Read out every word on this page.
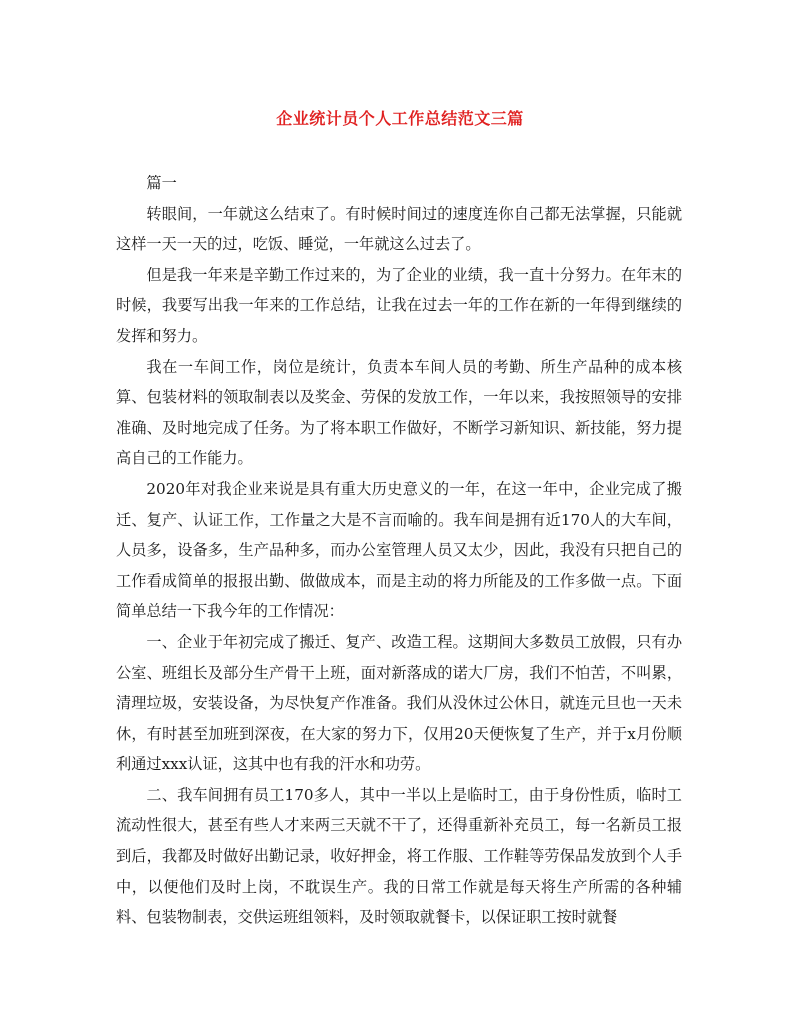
企业统计员个人工作总结范文三篇

篇一

转眼间，一年就这么结束了。有时候时间过的速度连你自己都无法掌握，只能就这样一天一天的过，吃饭、睡觉，一年就这么过去了。

但是我一年来是辛勤工作过来的，为了企业的业绩，我一直十分努力。在年末的时候，我要写出我一年来的工作总结，让我在过去一年的工作在新的一年得到继续的发挥和努力。

我在一车间工作，岗位是统计，负责本车间人员的考勤、所生产品种的成本核算、包装材料的领取制表以及奖金、劳保的发放工作，一年以来，我按照领导的安排准确、及时地完成了任务。为了将本职工作做好，不断学习新知识、新技能，努力提高自己的工作能力。

2020年对我企业来说是具有重大历史意义的一年，在这一年中，企业完成了搬迁、复产、认证工作，工作量之大是不言而喻的。我车间是拥有近170人的大车间，人员多，设备多，生产品种多，而办公室管理人员又太少，因此，我没有只把自己的工作看成简单的报报出勤、做做成本，而是主动的将力所能及的工作多做一点。下面简单总结一下我今年的工作情况：

一、企业于年初完成了搬迁、复产、改造工程。这期间大多数员工放假，只有办公室、班组长及部分生产骨干上班，面对新落成的诺大厂房，我们不怕苦，不叫累，清理垃圾，安装设备，为尽快复产作准备。我们从没休过公休日，就连元旦也一天未休，有时甚至加班到深夜，在大家的努力下，仅用20天便恢复了生产，并于x月份顺利通过xxx认证，这其中也有我的汗水和功劳。

二、我车间拥有员工170多人，其中一半以上是临时工，由于身份性质，临时工流动性很大，甚至有些人才来两三天就不干了，还得重新补充员工，每一名新员工报到后，我都及时做好出勤记录，收好押金，将工作服、工作鞋等劳保品发放到个人手中，以便他们及时上岗，不耽误生产。我的日常工作就是每天将生产所需的各种辅料、包装物制表，交供运班组领料，及时领取就餐卡，以保证职工按时就餐
